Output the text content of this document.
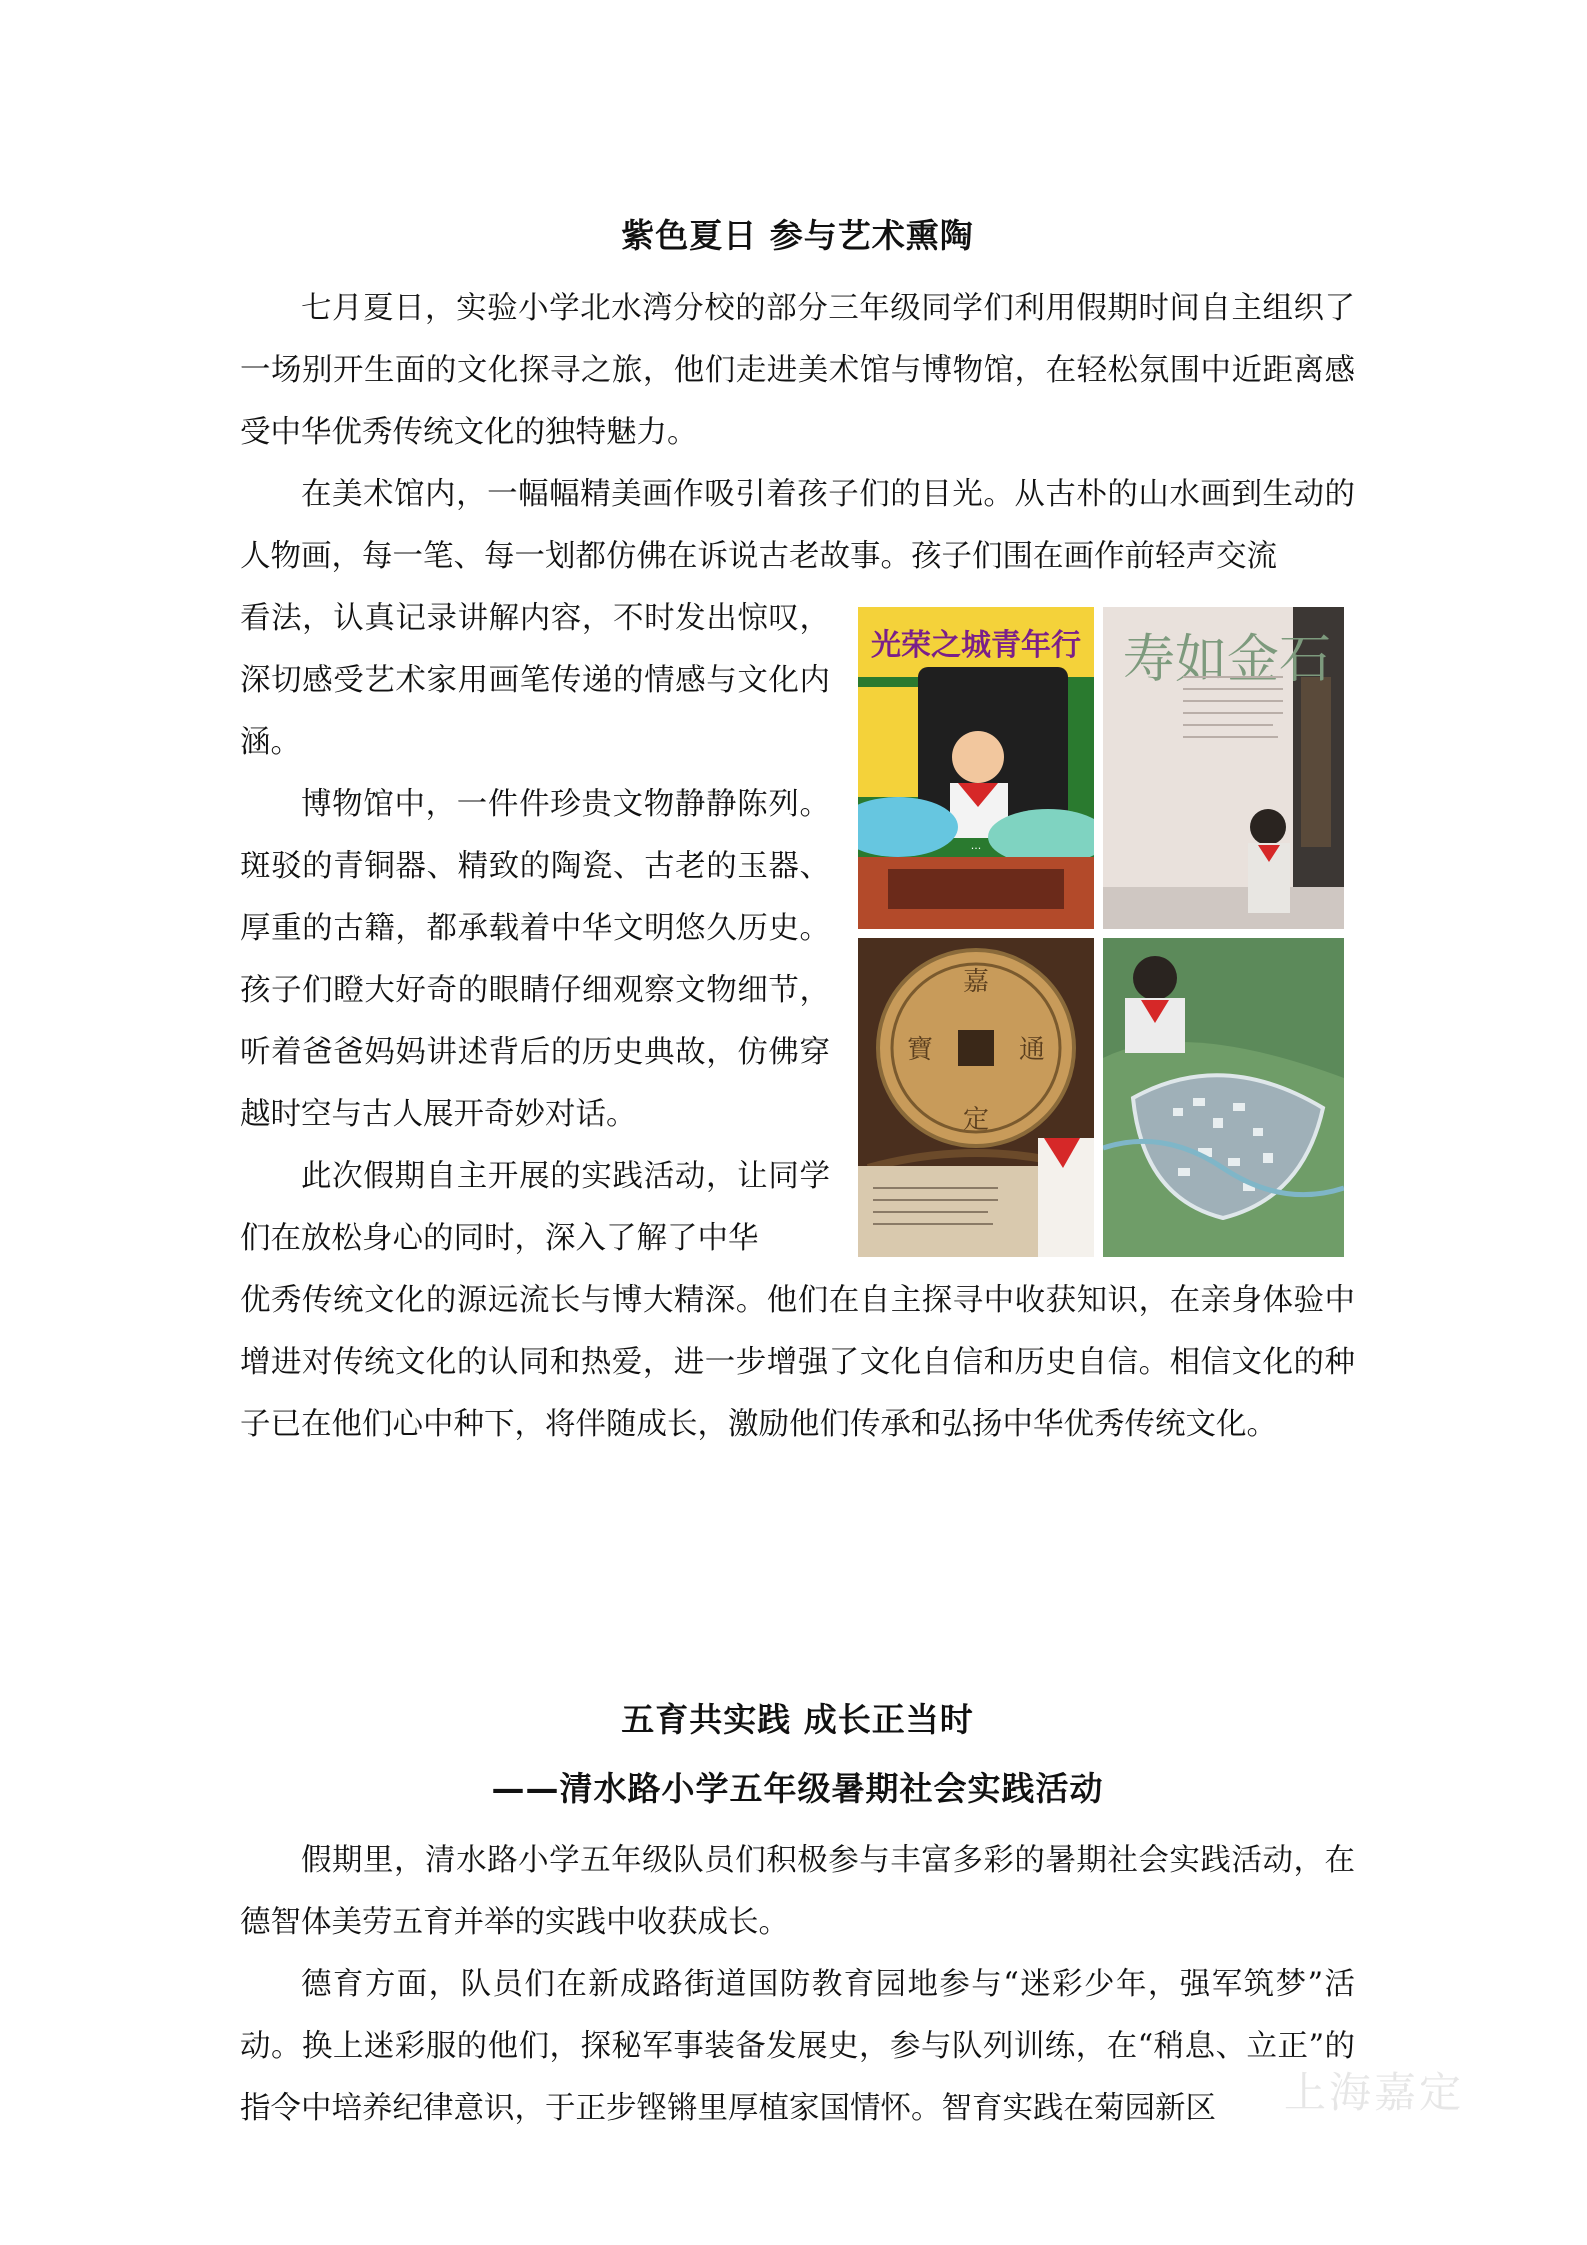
紫色夏日 参与艺术熏陶

七月夏日，实验小学北水湾分校的部分三年级同学们利用假期时间自主组织了一场别开生面的文化探寻之旅，他们走进美术馆与博物馆，在轻松氛围中近距离感受中华优秀传统文化的独特魅力。

在美术馆内，一幅幅精美画作吸引着孩子们的目光。从古朴的山水画到生动的人物画，每一笔、每一划都仿佛在诉说古老故事。孩子们围在画作前轻声交流

看法，认真记录讲解内容，不时发出惊叹，深切感受艺术家用画笔传递的情感与文化内涵。

博物馆中，一件件珍贵文物静静陈列。斑驳的青铜器、精致的陶瓷、古老的玉器、厚重的古籍，都承载着中华文明悠久历史。孩子们瞪大好奇的眼睛仔细观察文物细节，听着爸爸妈妈讲述背后的历史典故，仿佛穿越时空与古人展开奇妙对话。

此次假期自主开展的实践活动，让同学们在放松身心的同时，深入了解了中华

优秀传统文化的源远流长与博大精深。他们在自主探寻中收获知识，在亲身体验中增进对传统文化的认同和热爱，进一步增强了文化自信和历史自信。相信文化的种子已在他们心中种下，将伴随成长，激励他们传承和弘扬中华优秀传统文化。

光荣之城青年行
···
寿如金石
嘉
定
寶	通
五育共实践 成长正当时
——清水路小学五年级暑期社会实践活动

假期里，清水路小学五年级队员们积极参与丰富多彩的暑期社会实践活动，在德智体美劳五育并举的实践中收获成长。

德育方面，队员们在新成路街道国防教育园地参与“迷彩少年，强军筑梦”活动。换上迷彩服的他们，探秘军事装备发展史，参与队列训练，在“稍息、立正”的指令中培养纪律意识，于正步铿锵里厚植家国情怀。智育实践在菊园新区	上海嘉定
